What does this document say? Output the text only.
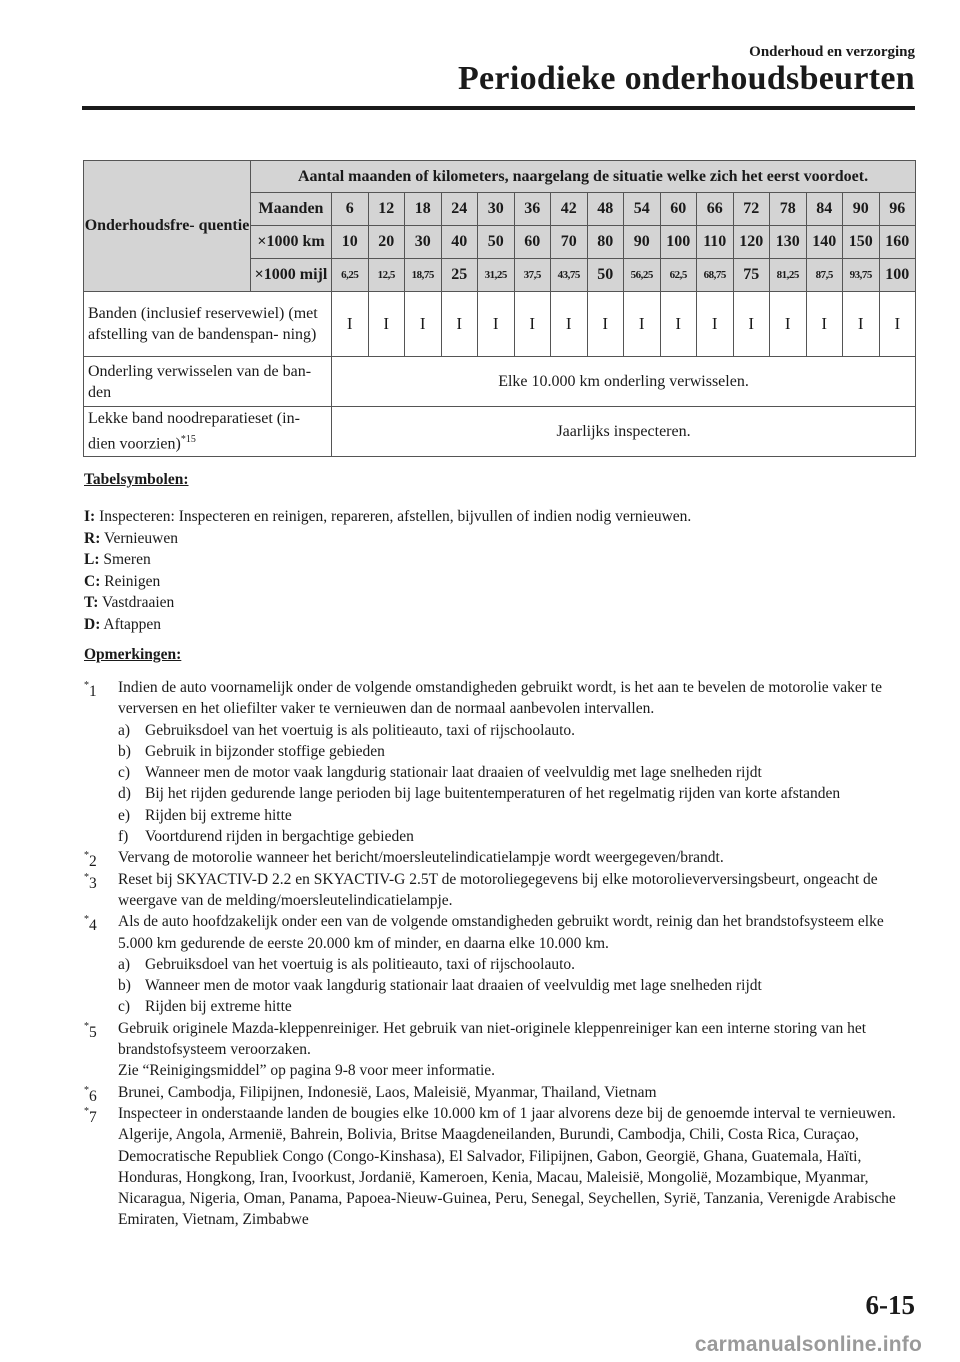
Onderhoud en verzorging
Periodieke onderhoudsbeurten
Onderhoudsfre- quentie	Aantal maanden of kilometers, naargelang de situatie welke zich het eerst voordoet.																
	Maanden	6	12	18	24	30	36	42	48	54	60	66	72	78	84	90	96
	×1000 km	10	20	30	40	50	60	70	80	90	100	110	120	130	140	150	160
	×1000 mijl	6,25	12,5	18,75	25	31,25	37,5	43,75	50	56,25	62,5	68,75	75	81,25	87,5	93,75	100
Banden (inclusief reservewiel) (met afstelling van de bandenspan- ning)		I	I	I	I	I	I	I	I	I	I	I	I	I	I	I	I
Onderling verwisselen van de ban- den		Elke 10.000 km onderling verwisselen.															
Lekke band noodreparatieset (in- dien voorzien)$^{*15}$		Jaarlijks inspecteren.															
Tabelsymbolen:
I: Inspecteren: Inspecteren en reinigen, repareren, afstellen, bijvullen of indien nodig vernieuwen.
R: Vernieuwen
L: Smeren
C: Reinigen
T: Vastdraaien
D: Aftappen
Opmerkingen:
*1 Indien de auto voornamelijk onder de volgende omstandigheden gebruikt wordt, is het aan te bevelen de motorolie vaker te verversen en het oliefilter vaker te vernieuwen dan de normaal aanbevolen intervallen.
a) Gebruiksdoel van het voertuig is als politieauto, taxi of rijschoolauto.
b) Gebruik in bijzonder stoffige gebieden
c) Wanneer men de motor vaak langdurig stationair laat draaien of veelvuldig met lage snelheden rijdt
d) Bij het rijden gedurende lange perioden bij lage buitentemperaturen of het regelmatig rijden van korte afstanden
e) Rijden bij extreme hitte
f) Voortdurend rijden in bergachtige gebieden
*2 Vervang de motorolie wanneer het bericht/moersleutelindicatielampje wordt weergegeven/brandt.
*3 Reset bij SKYACTIV-D 2.2 en SKYACTIV-G 2.5T de motoroliegegevens bij elke motorolieverversingsbeurt, ongeacht de weergave van de melding/moersleutelindicatielampje.
*4 Als de auto hoofdzakelijk onder een van de volgende omstandigheden gebruikt wordt, reinig dan het brandstofsysteem elke 5.000 km gedurende de eerste 20.000 km of minder, en daarna elke 10.000 km.
a) Gebruiksdoel van het voertuig is als politieauto, taxi of rijschoolauto.
b) Wanneer men de motor vaak langdurig stationair laat draaien of veelvuldig met lage snelheden rijdt
c) Rijden bij extreme hitte
*5 Gebruik originele Mazda-kleppenreiniger. Het gebruik van niet-originele kleppenreiniger kan een interne storing van het brandstofsysteem veroorzaken.
Zie “Reinigingsmiddel” op pagina 9-8 voor meer informatie.
*6 Brunei, Cambodja, Filipijnen, Indonesië, Laos, Maleisië, Myanmar, Thailand, Vietnam
*7 Inspecteer in onderstaande landen de bougies elke 10.000 km of 1 jaar alvorens deze bij de genoemde interval te vernieuwen.
Algerije, Angola, Armenië, Bahrein, Bolivia, Britse Maagdeneilanden, Burundi, Cambodja, Chili, Costa Rica, Curaçao, Democratische Republiek Congo (Congo-Kinshasa), El Salvador, Filipijnen, Gabon, Georgië, Ghana, Guatemala, Haïti, Honduras, Hongkong, Iran, Ivoorkust, Jordanië, Kameroen, Kenia, Macau, Maleisië, Mongolië, Mozambique, Myanmar, Nicaragua, Nigeria, Oman, Panama, Papoea-Nieuw-Guinea, Peru, Senegal, Seychellen, Syrië, Tanzania, Verenigde Arabische Emiraten, Vietnam, Zimbabwe
6-15
carmanualsonline.info
